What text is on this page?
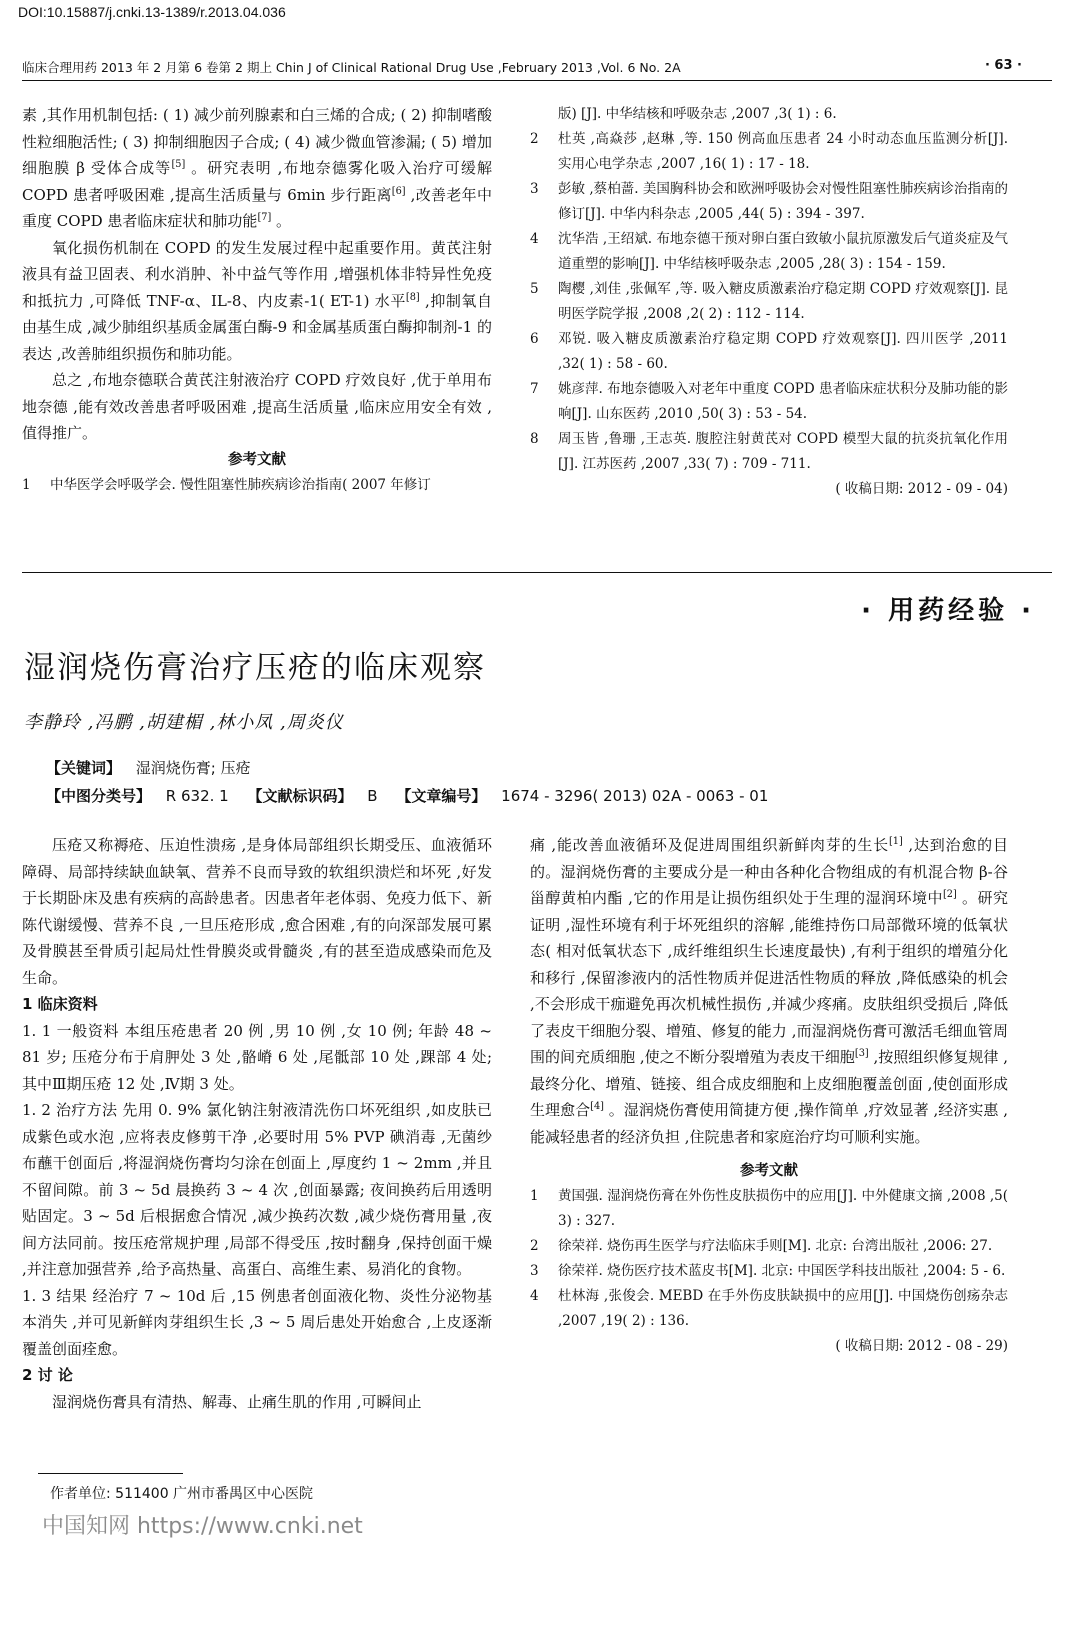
DOI:10.15887/j.cnki.13-1389/r.2013.04.036
临床合理用药 2013 年 2 月第 6 卷第 2 期上 Chin J of Clinical Rational Drug Use ,February 2013 ,Vol. 6 No. 2A	· 63 ·

素 ,其作用机制包括: ( 1) 减少前列腺素和白三烯的合成; ( 2) 抑制嗜酸性粒细胞活性; ( 3) 抑制细胞因子合成; ( 4) 减少微血管渗漏; ( 5) 增加细胞膜 β 受体合成等[5] 。研究表明 ,布地奈德雾化吸入治疗可缓解 COPD 患者呼吸困难 ,提高生活质量与 6min 步行距离[6] ,改善老年中重度 COPD 患者临床症状和肺功能[7] 。

氧化损伤机制在 COPD 的发生发展过程中起重要作用。黄芪注射液具有益卫固表、利水消肿、补中益气等作用 ,增强机体非特异性免疫和抵抗力 ,可降低 TNF-α、IL-8、内皮素-1( ET-1) 水平[8] ,抑制氧自由基生成 ,减少肺组织基质金属蛋白酶-9 和金属基质蛋白酶抑制剂-1 的表达 ,改善肺组织损伤和肺功能。

总之 ,布地奈德联合黄芪注射液治疗 COPD 疗效良好 ,优于单用布地奈德 ,能有效改善患者呼吸困难 ,提高生活质量 ,临床应用安全有效 ,值得推广。

参考文献
1 中华医学会呼吸学会. 慢性阻塞性肺疾病诊治指南( 2007 年修订
版) [J]. 中华结核和呼吸杂志 ,2007 ,3( 1) : 6.
2 杜英 ,高焱莎 ,赵琳 ,等. 150 例高血压患者 24 小时动态血压监测分析[J]. 实用心电学杂志 ,2007 ,16( 1) : 17 - 18.
3 彭敏 ,蔡柏蔷. 美国胸科协会和欧洲呼吸协会对慢性阻塞性肺疾病诊治指南的修订[J]. 中华内科杂志 ,2005 ,44( 5) : 394 - 397.
4 沈华浩 ,王绍斌. 布地奈德干预对卵白蛋白致敏小鼠抗原激发后气道炎症及气道重塑的影响[J]. 中华结核呼吸杂志 ,2005 ,28( 3) : 154 - 159.
5 陶樱 ,刘佳 ,张佩军 ,等. 吸入糖皮质激素治疗稳定期 COPD 疗效观察[J]. 昆明医学院学报 ,2008 ,2( 2) : 112 - 114.
6 邓锐. 吸入糖皮质激素治疗稳定期 COPD 疗效观察[J]. 四川医学 ,2011 ,32( 1) : 58 - 60.
7 姚彦萍. 布地奈德吸入对老年中重度 COPD 患者临床症状积分及肺功能的影响[J]. 山东医药 ,2010 ,50( 3) : 53 - 54.
8 周玉皆 ,鲁珊 ,王志英. 腹腔注射黄芪对 COPD 模型大鼠的抗炎抗氧化作用[J]. 江苏医药 ,2007 ,33( 7) : 709 - 711.
( 收稿日期: 2012 - 09 - 04)
· 用药经验 ·
湿润烧伤膏治疗压疮的临床观察
李静玲 ,冯鹏 ,胡建楣 ,林小凤 ,周炎仪
【关键词】 湿润烧伤膏; 压疮
【中图分类号】 R 632. 1 【文献标识码】 B 【文章编号】 1674 - 3296( 2013) 02A - 0063 - 01

压疮又称褥疮、压迫性溃疡 ,是身体局部组织长期受压、血液循环障碍、局部持续缺血缺氧、营养不良而导致的软组织溃烂和坏死 ,好发于长期卧床及患有疾病的高龄患者。因患者年老体弱、免疫力低下、新陈代谢缓慢、营养不良 ,一旦压疮形成 ,愈合困难 ,有的向深部发展可累及骨膜甚至骨质引起局灶性骨膜炎或骨髓炎 ,有的甚至造成感染而危及生命。

1 临床资料

1. 1 一般资料 本组压疮患者 20 例 ,男 10 例 ,女 10 例; 年龄 48 ~ 81 岁; 压疮分布于肩胛处 3 处 ,骼嵴 6 处 ,尾骶部 10 处 ,踝部 4 处; 其中Ⅲ期压疮 12 处 ,Ⅳ期 3 处。

1. 2 治疗方法 先用 0. 9% 氯化钠注射液清洗伤口坏死组织 ,如皮肤已成紫色或水泡 ,应将表皮修剪干净 ,必要时用 5% PVP 碘消毒 ,无菌纱布蘸干创面后 ,将湿润烧伤膏均匀涂在创面上 ,厚度约 1 ~ 2mm ,并且不留间隙。前 3 ~ 5d 晨换药 3 ~ 4 次 ,创面暴露; 夜间换药后用透明贴固定。3 ~ 5d 后根据愈合情况 ,减少换药次数 ,减少烧伤膏用量 ,夜间方法同前。按压疮常规护理 ,局部不得受压 ,按时翻身 ,保持创面干燥 ,并注意加强营养 ,给予高热量、高蛋白、高维生素、易消化的食物。

1. 3 结果 经治疗 7 ~ 10d 后 ,15 例患者创面液化物、炎性分泌物基本消失 ,并可见新鲜肉芽组织生长 ,3 ~ 5 周后患处开始愈合 ,上皮逐渐覆盖创面痊愈。

2 讨 论

湿润烧伤膏具有清热、解毒、止痛生肌的作用 ,可瞬间止

痛 ,能改善血液循环及促进周围组织新鲜肉芽的生长[1] ,达到治愈的目的。湿润烧伤膏的主要成分是一种由各种化合物组成的有机混合物 β-谷甾醇黄柏内酯 ,它的作用是让损伤组织处于生理的湿润环境中[2] 。研究证明 ,湿性环境有利于坏死组织的溶解 ,能维持伤口局部微环境的低氧状态( 相对低氧状态下 ,成纤维组织生长速度最快) ,有利于组织的增殖分化和移行 ,保留渗液内的活性物质并促进活性物质的释放 ,降低感染的机会 ,不会形成干痂避免再次机械性损伤 ,并减少疼痛。皮肤组织受损后 ,降低了表皮干细胞分裂、增殖、修复的能力 ,而湿润烧伤膏可激活毛细血管周围的间充质细胞 ,使之不断分裂增殖为表皮干细胞[3] ,按照组织修复规律 ,最终分化、增殖、链接、组合成皮细胞和上皮细胞覆盖创面 ,使创面形成生理愈合[4] 。湿润烧伤膏使用简捷方便 ,操作简单 ,疗效显著 ,经济实惠 ,能减轻患者的经济负担 ,住院患者和家庭治疗均可顺利实施。

参考文献
1 黄国强. 湿润烧伤膏在外伤性皮肤损伤中的应用[J]. 中外健康文摘 ,2008 ,5( 3) : 327.
2 徐荣祥. 烧伤再生医学与疗法临床手则[M]. 北京: 台湾出版社 ,2006: 27.
3 徐荣祥. 烧伤医疗技术蓝皮书[M]. 北京: 中国医学科技出版社 ,2004: 5 - 6.
4 杜林海 ,张俊会. MEBD 在手外伤皮肤缺损中的应用[J]. 中国烧伤创疡杂志 ,2007 ,19( 2) : 136.
( 收稿日期: 2012 - 08 - 29)
作者单位: 511400 广州市番禺区中心医院
中国知网 https://www.cnki.net
